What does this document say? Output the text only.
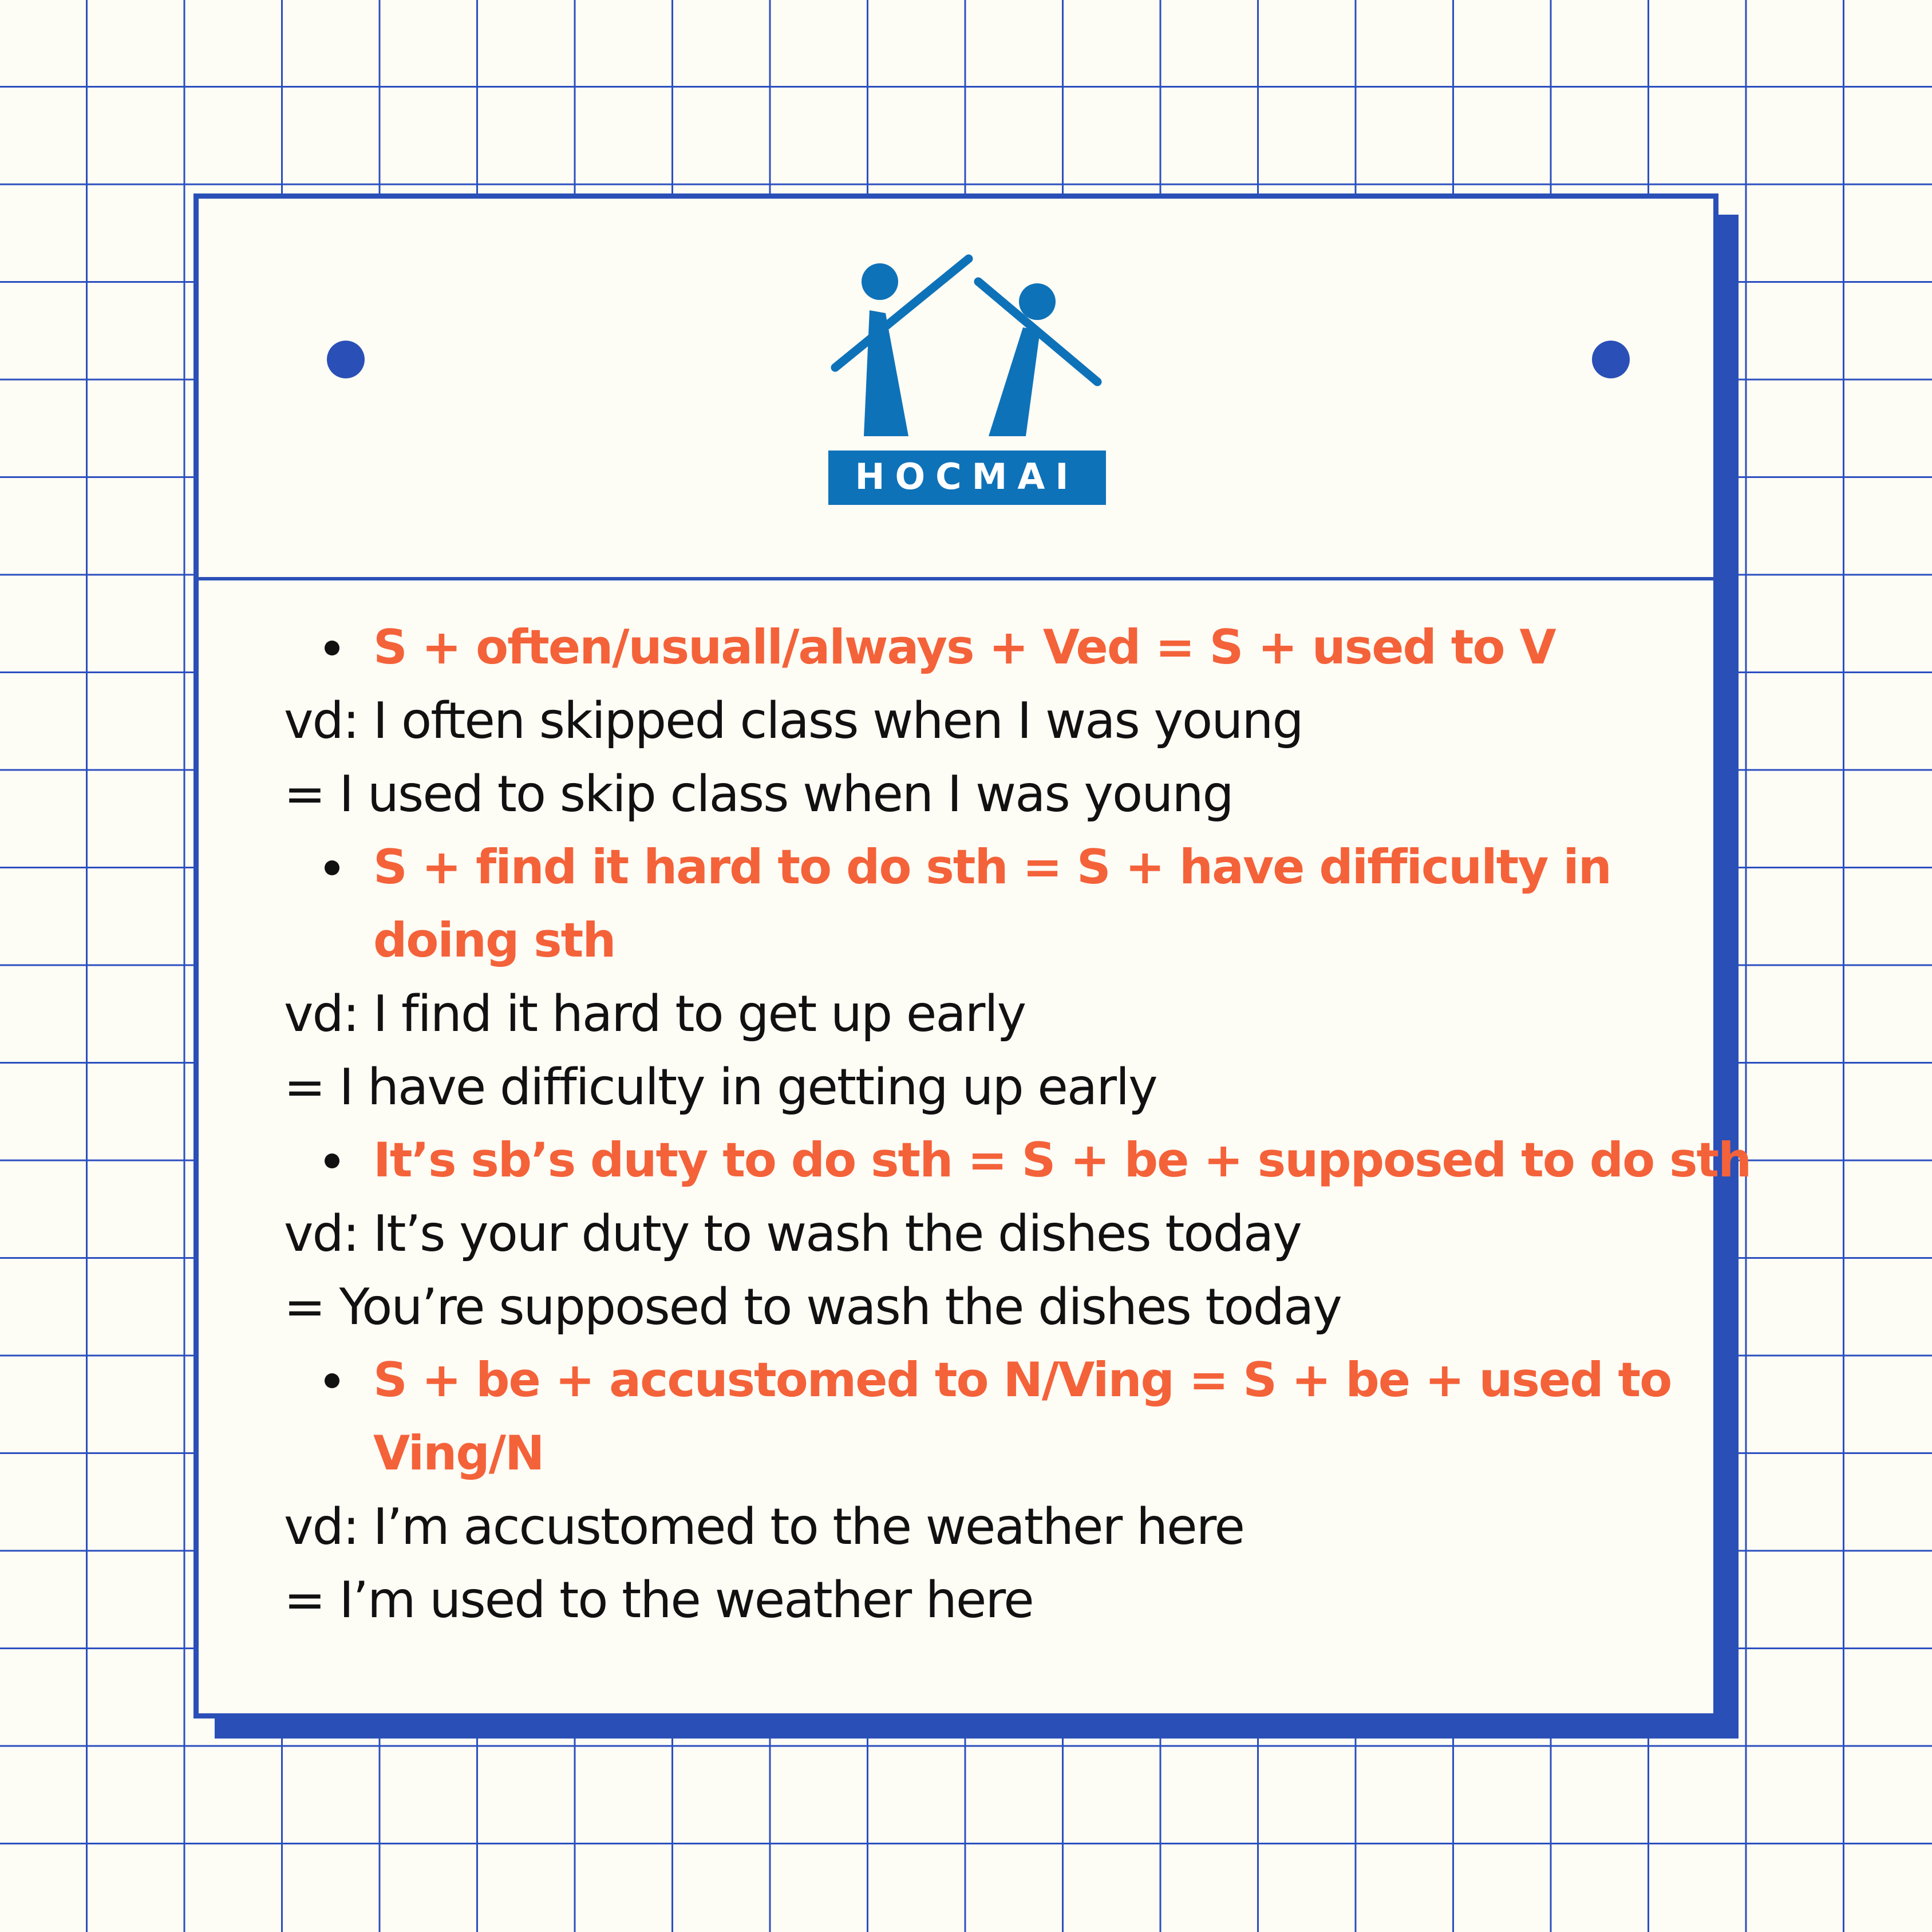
HOCMAI
S + often/usuall/always + Ved = S + used to V
vd: I often skipped class when I was young
= I used to skip class when I was young
S + find it hard to do sth = S + have difficulty in
doing sth
vd: I find it hard to get up early
= I have difficulty in getting up early
It’s sb’s duty to do sth = S + be + supposed to do sth
vd: It’s your duty to wash the dishes today
= You’re supposed to wash the dishes today
S + be + accustomed to N/Ving = S + be + used to
Ving/N
vd: I’m accustomed to the weather here
= I’m used to the weather here
